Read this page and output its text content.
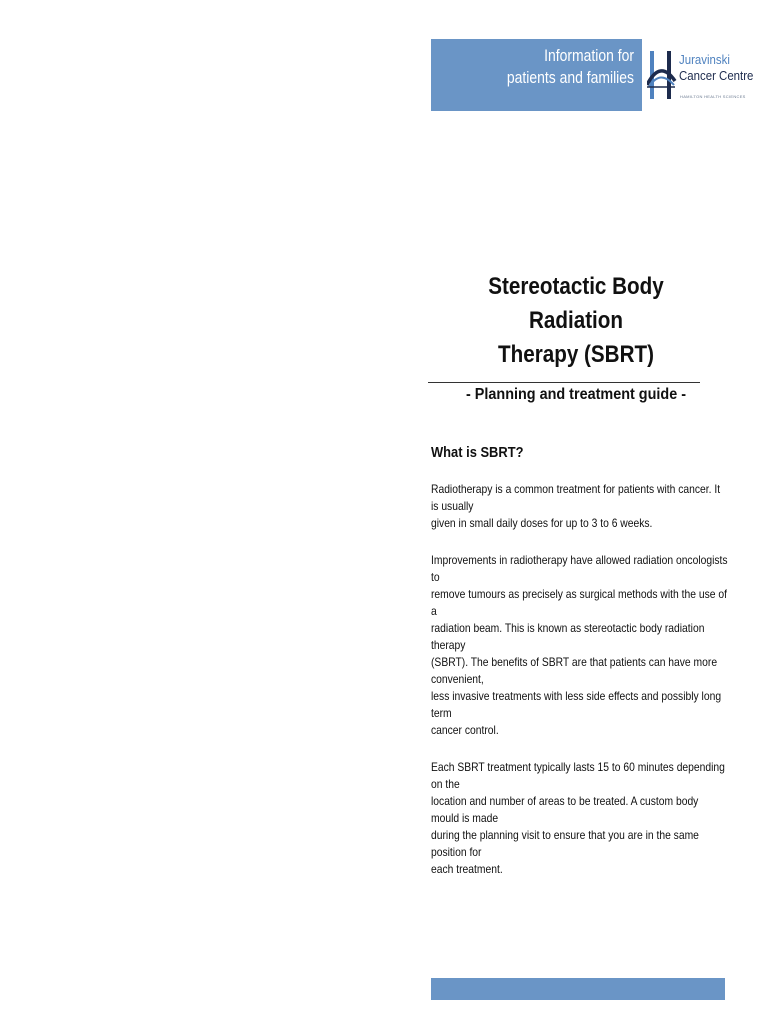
Information for
patients and families
Juravinski
Cancer Centre
HAMILTON HEALTH SCIENCES
Stereotactic Body Radiation
Therapy (SBRT)
- Planning and treatment guide -
What is SBRT?

Radiotherapy is a common treatment for patients with cancer. It is usually
given in small daily doses for up to 3 to 6 weeks.

Improvements in radiotherapy have allowed radiation oncologists to
remove tumours as precisely as surgical methods with the use of a
radiation beam. This is known as stereotactic body radiation therapy
(SBRT). The benefits of SBRT are that patients can have more convenient,
less invasive treatments with less side effects and possibly long term
cancer control.

Each SBRT treatment typically lasts 15 to 60 minutes depending on the
location and number of areas to be treated. A custom body mould is made
during the planning visit to ensure that you are in the same position for
each treatment.
